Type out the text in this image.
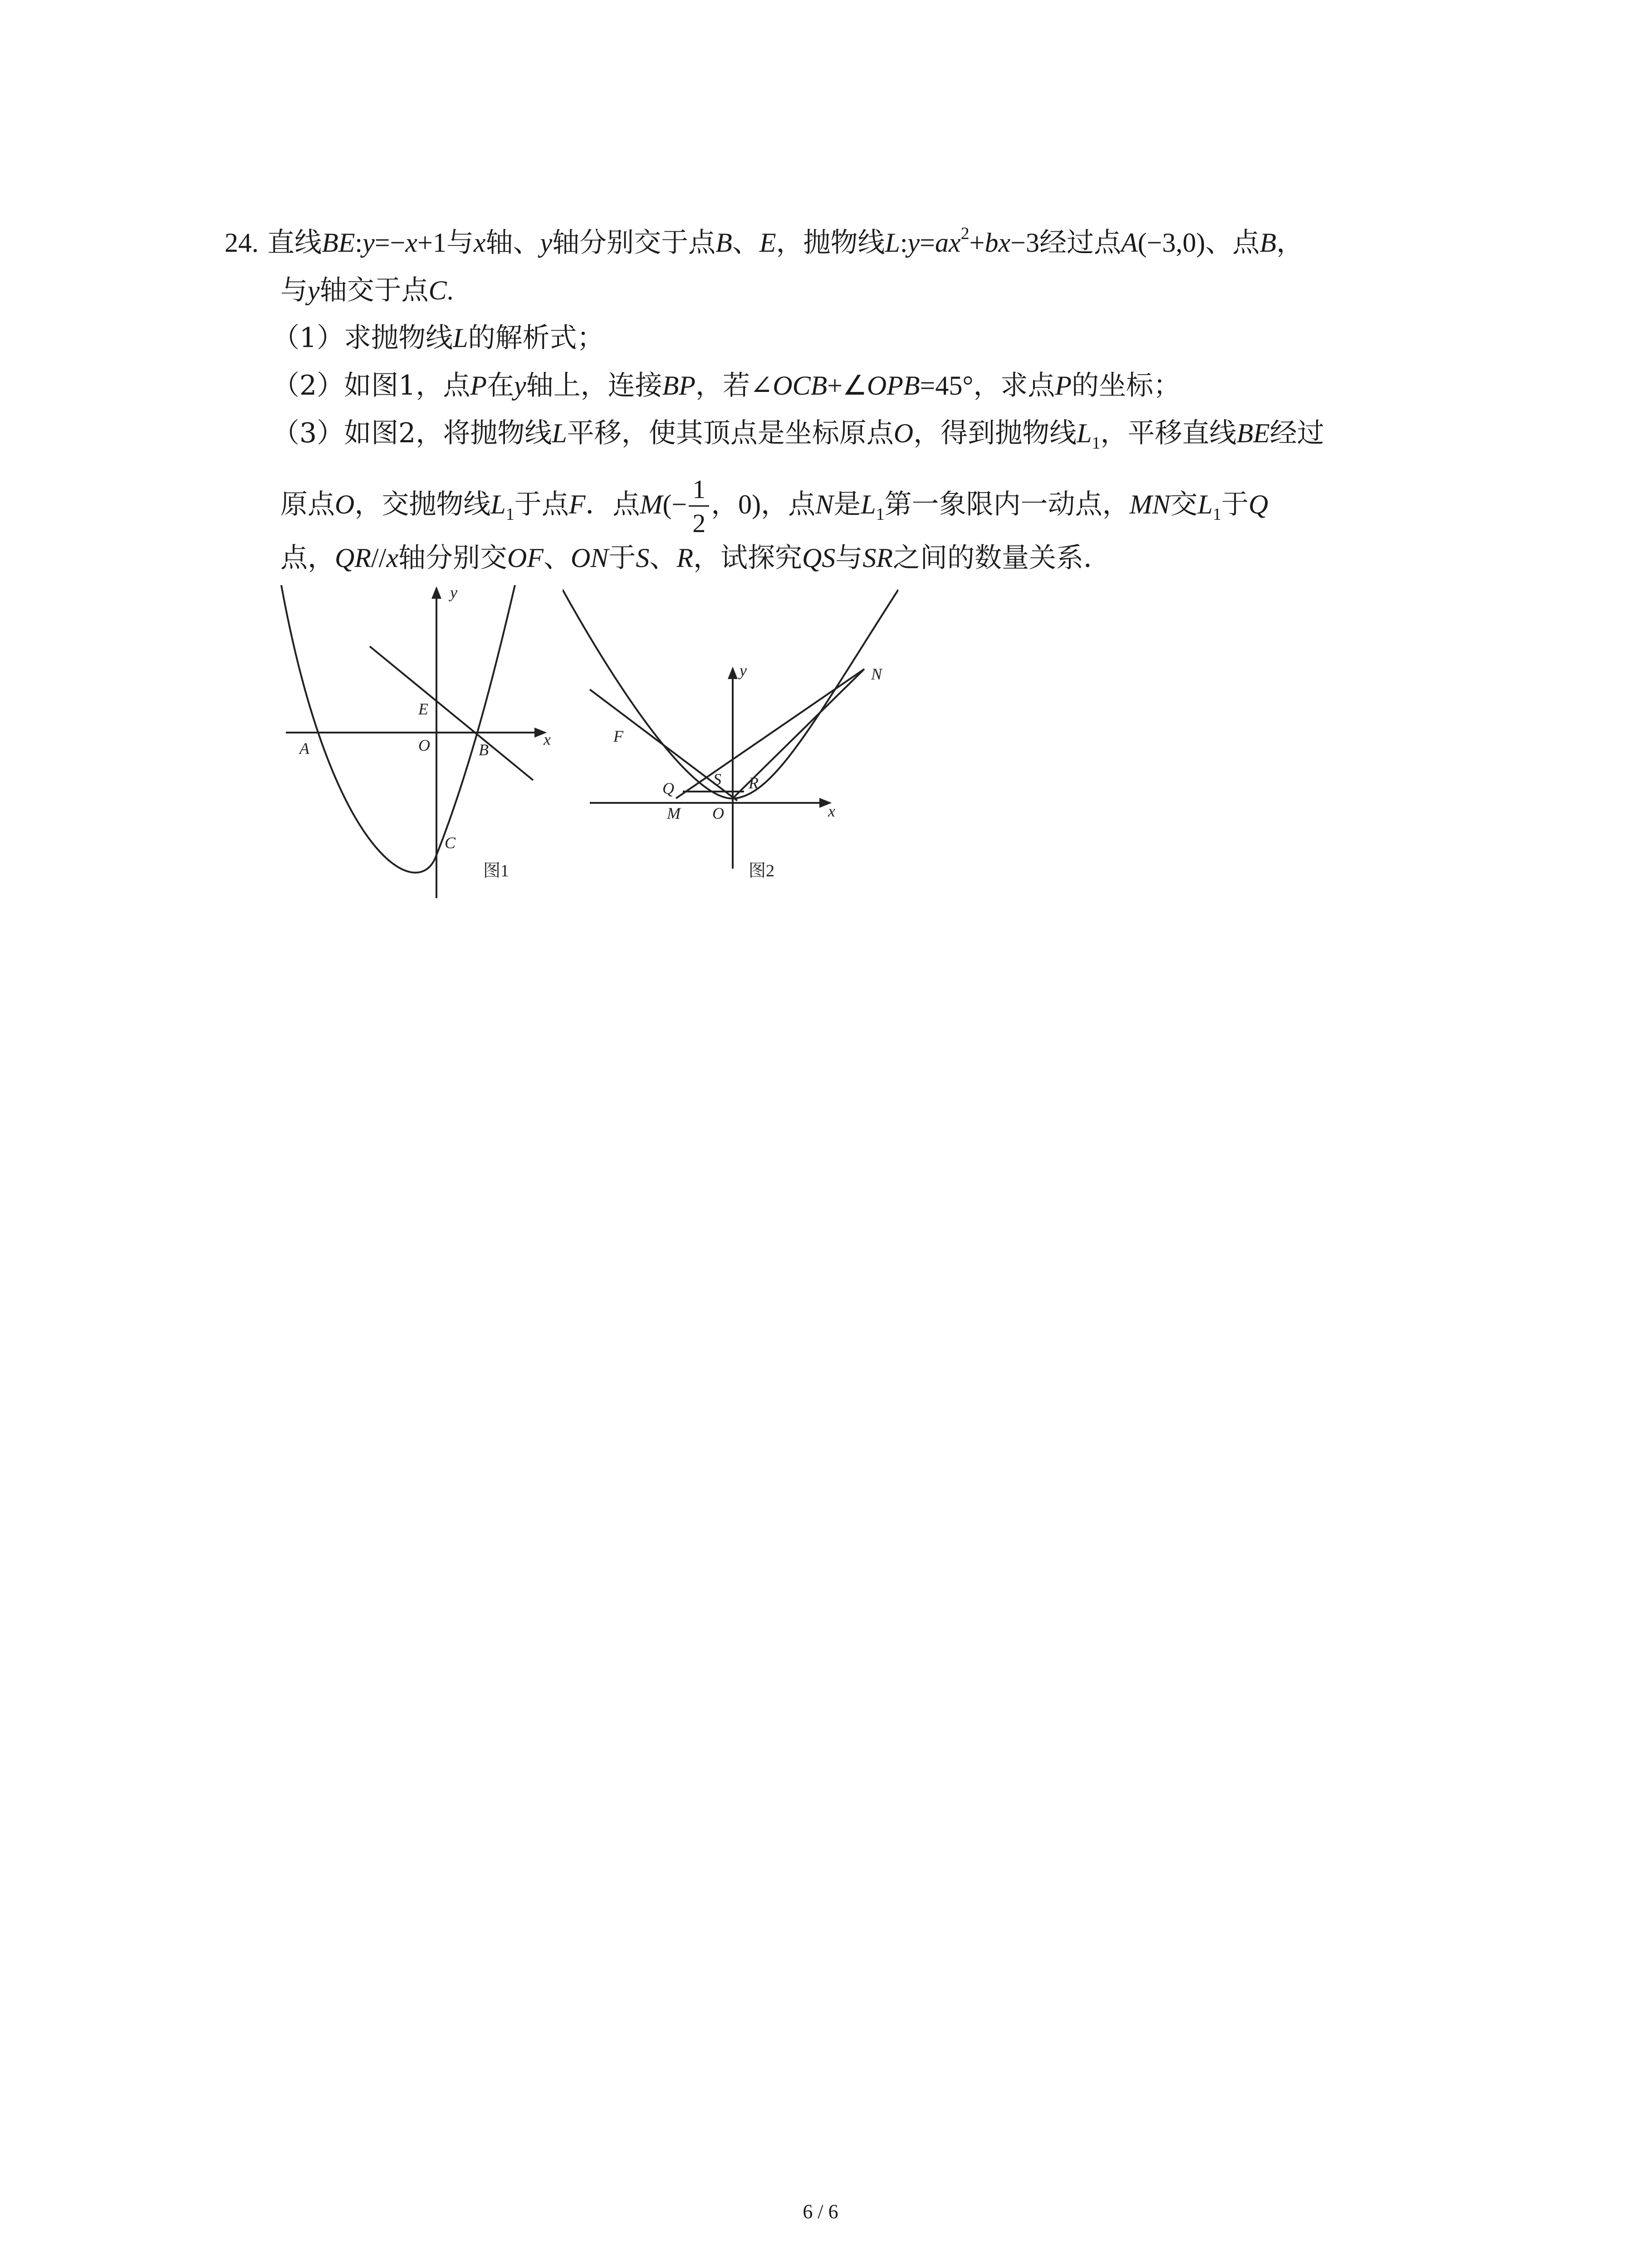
24. 直线BE:y=−x+1与x轴、y轴分别交于点B、E，抛物线$L:y=ax^2+bx-3$经过点A(−3,0)、点B，
与y轴交于点C.
（1）求抛物线L的解析式；
（2）如图1，点P在y轴上，连接BP，若∠OCB+∠OPB=45°，求点P的坐标；
（3）如图2，将抛物线L平移，使其顶点是坐标原点O，得到抛物线$L_1$，平移直线BE经过
原点O，交抛物线$L_1$于点F．点$M(- \frac{1}{2}$ ，0)，点N是$L_1$第一象限内一动点，MN交$L_1$于Q
点，QR//x轴分别交OF、ON于S、R，试探究QS与SR之间的数量关系．
y
x
E
O
A	B
C
图1
y
x
N
F
Q S R
M O
图2
6 / 6
